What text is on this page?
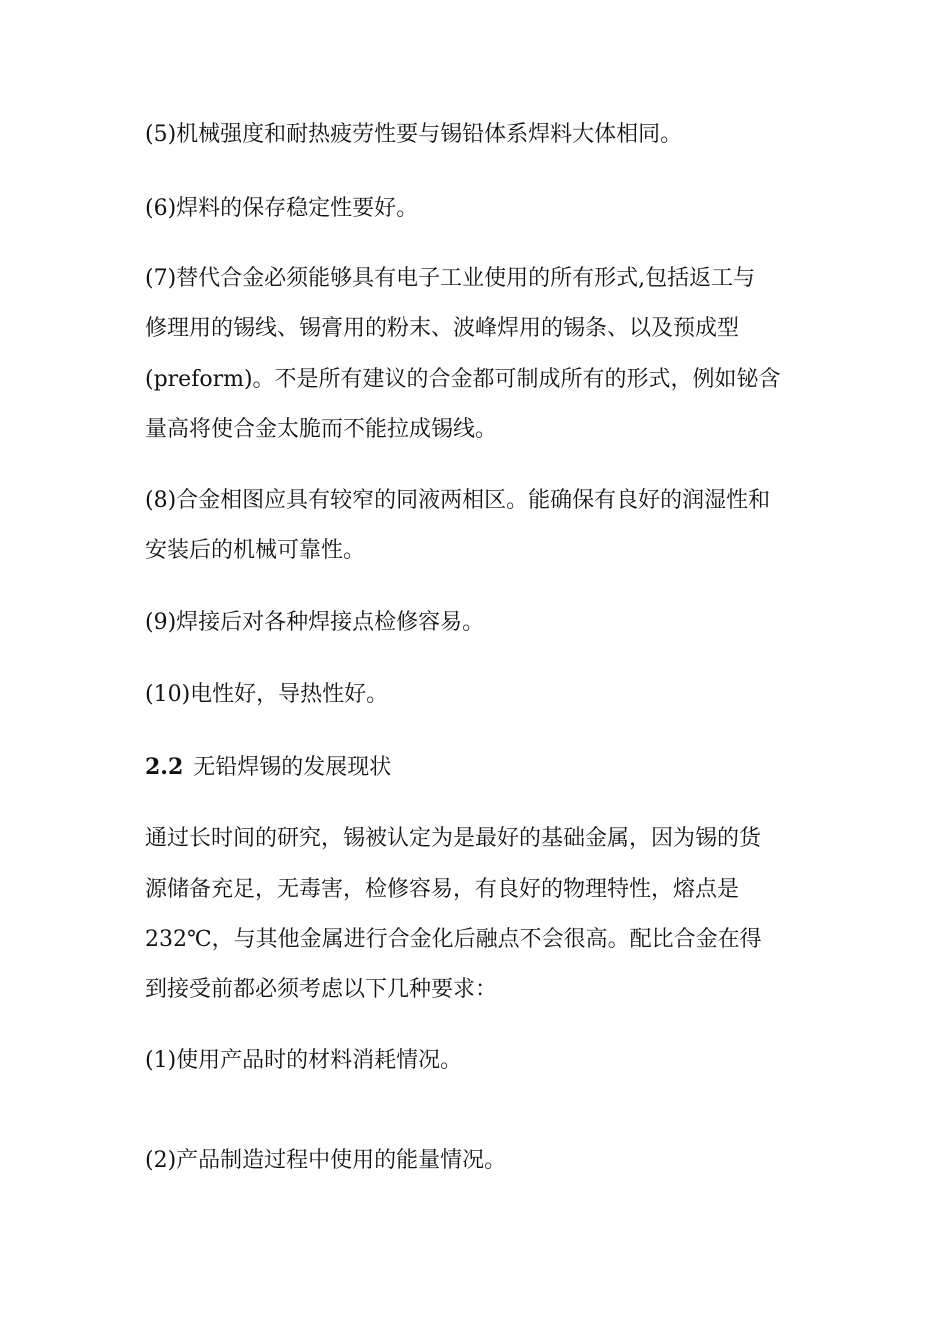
(5)机械强度和耐热疲劳性要与锡铅体系焊料大体相同。
(6)焊料的保存稳定性要好。
(7)替代合金必须能够具有电子工业使用的所有形式,包括返工与
修理用的锡线、锡膏用的粉末、波峰焊用的锡条、以及预成型
(preform)。不是所有建议的合金都可制成所有的形式，例如铋含
量高将使合金太脆而不能拉成锡线。
(8)合金相图应具有较窄的同液两相区。能确保有良好的润湿性和
安装后的机械可靠性。
(9)焊接后对各种焊接点检修容易。
(10)电性好，导热性好。
2.2 无铅焊锡的发展现状
通过长时间的研究，锡被认定为是最好的基础金属，因为锡的货
源储备充足，无毒害，检修容易，有良好的物理特性，熔点是
232℃，与其他金属进行合金化后融点不会很高。配比合金在得
到接受前都必须考虑以下几种要求：
(1)使用产品时的材料消耗情况。
(2)产品制造过程中使用的能量情况。
